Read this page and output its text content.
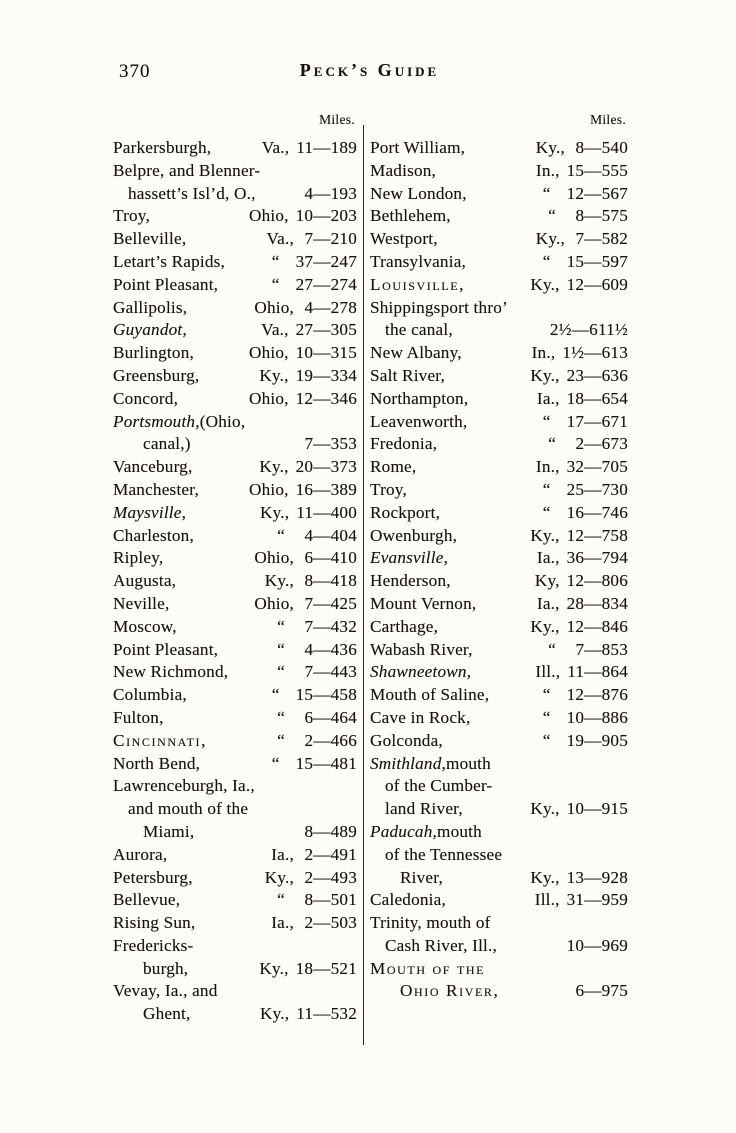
370	Peck’s Guide
Miles.
Parkersburgh,	Va., 11—189
Belpre, and Blenner-
hassett’s Isl’d, O.,	4—193
Troy,	Ohio, 10—203
Belleville,	Va., 7—210
Letart’s Rapids,	“ 37—247
Point Pleasant,	“ 27—274
Gallipolis,	Ohio, 4—278
Guyandot,	Va., 27—305
Burlington,	Ohio, 10—315
Greensburg,	Ky., 19—334
Concord,	Ohio, 12—346
Portsmouth, (Ohio,
canal,)	7—353
Vanceburg,	Ky., 20—373
Manchester,	Ohio, 16—389
Maysville,	Ky., 11—400
Charleston,	“ 4—404
Ripley,	Ohio, 6—410
Augusta,	Ky., 8—418
Neville,	Ohio, 7—425
Moscow,	“ 7—432
Point Pleasant,	“ 4—436
New Richmond,	“ 7—443
Columbia,	“ 15—458
Fulton,	“ 6—464
Cincinnati,	“ 2—466
North Bend,	“ 15—481
Lawrenceburgh, Ia.,
and mouth of the
Miami,	8—489
Aurora,	Ia., 2—491
Petersburg,	Ky., 2—493
Bellevue,	“ 8—501
Rising Sun,	Ia., 2—503
Fredericks-
burgh,	Ky., 18—521
Vevay, Ia., and
Ghent,	Ky., 11—532
Miles.
Port William,	Ky., 8—540
Madison,	In., 15—555
New London,	“ 12—567
Bethlehem,	“ 8—575
Westport,	Ky., 7—582
Transylvania,	“ 15—597
Louisville,	Ky., 12—609
Shippingsport thro’
the canal,	2½—611½
New Albany,	In., 1½—613
Salt River,	Ky., 23—636
Northampton,	Ia., 18—654
Leavenworth,	“ 17—671
Fredonia,	“ 2—673
Rome,	In., 32—705
Troy,	“ 25—730
Rockport,	“ 16—746
Owenburgh,	Ky., 12—758
Evansville,	Ia., 36—794
Henderson,	Ky, 12—806
Mount Vernon,	Ia., 28—834
Carthage,	Ky., 12—846
Wabash River,	“ 7—853
Shawneetown,	Ill., 11—864
Mouth of Saline,	“ 12—876
Cave in Rock,	“ 10—886
Golconda,	“ 19—905
Smithland, mouth
of the Cumber-
land River,	Ky., 10—915
Paducah, mouth
of the Tennessee
River,	Ky., 13—928
Caledonia,	Ill., 31—959
Trinity, mouth of
Cash River, Ill.,	10—969
Mouth of the
Ohio River,	6—975
